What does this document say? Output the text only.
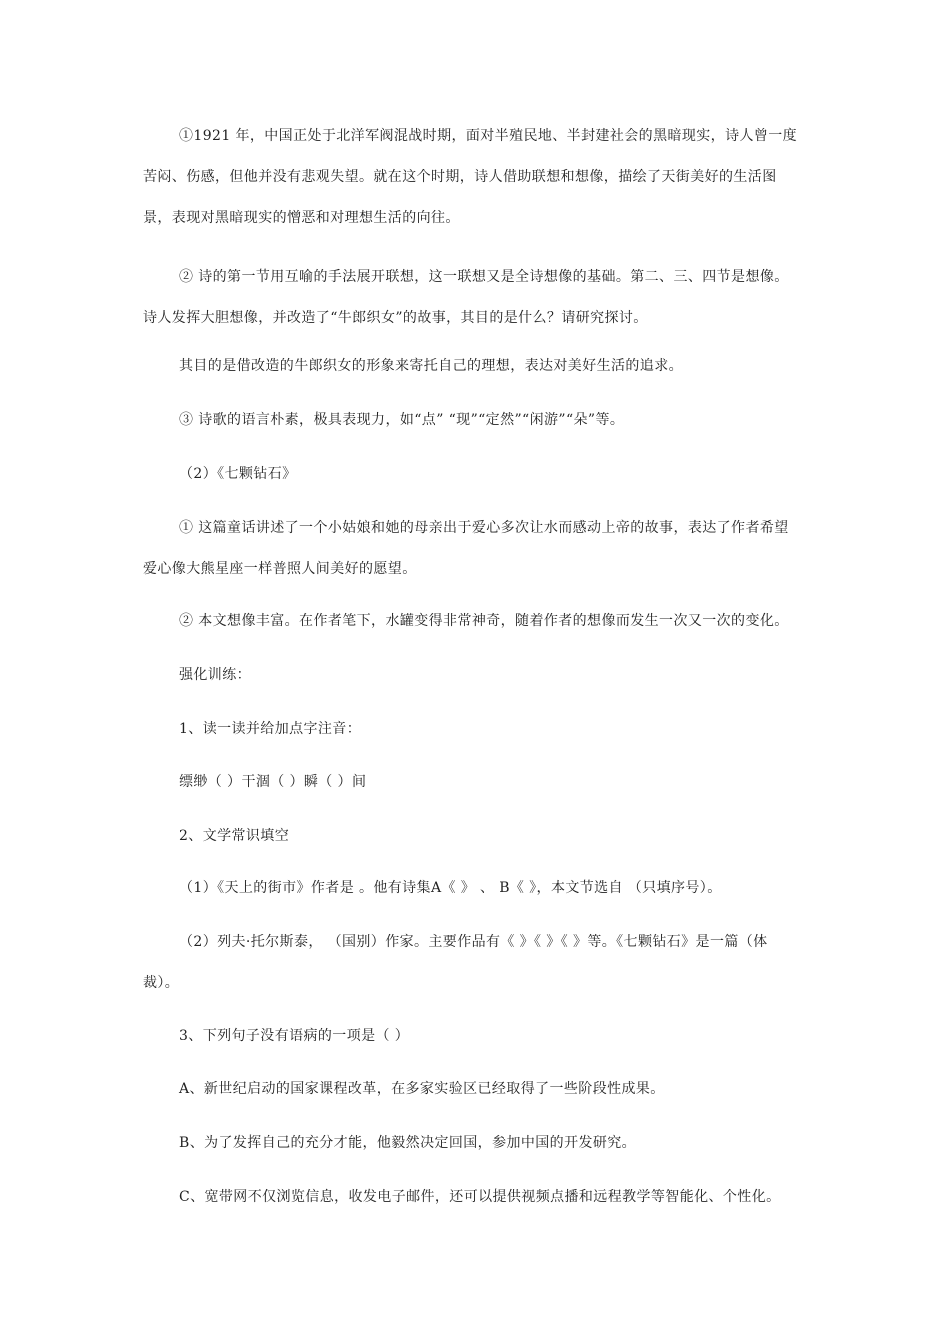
①1921 年，中国正处于北洋军阀混战时期，面对半殖民地、半封建社会的黑暗现实，诗人曾一度苦闷、伤感，但他并没有悲观失望。就在这个时期，诗人借助联想和想像，描绘了天街美好的生活图景，表现对黑暗现实的憎恶和对理想生活的向往。

② 诗的第一节用互喻的手法展开联想，这一联想又是全诗想像的基础。第二、三、四节是想像。诗人发挥大胆想像，并改造了“牛郎织女”的故事，其目的是什么？请研究探讨。

其目的是借改造的牛郎织女的形象来寄托自己的理想，表达对美好生活的追求。

③ 诗歌的语言朴素，极具表现力，如“点” “现”“定然”“闲游”“朵”等。

（2）《七颗钻石》

① 这篇童话讲述了一个小姑娘和她的母亲出于爱心多次让水而感动上帝的故事，表达了作者希望爱心像大熊星座一样普照人间美好的愿望。

② 本文想像丰富。在作者笔下，水罐变得非常神奇，随着作者的想像而发生一次又一次的变化。

强化训练：

1、读一读并给加点字注音：

缥缈（ ）干涸（ ）瞬（ ）间

2、文学常识填空

（1）《天上的街市》作者是 。他有诗集A《 》 、 B《 》，本文节选自 （只填序号）。

（2）列夫·托尔斯泰， （国别）作家。主要作品有《 》《 》《 》等。《七颗钻石》是一篇（体裁）。

3、下列句子没有语病的一项是（ ）

A、新世纪启动的国家课程改革，在多家实验区已经取得了一些阶段性成果。

B、为了发挥自己的充分才能，他毅然决定回国，参加中国的开发研究。

C、宽带网不仅浏览信息，收发电子邮件，还可以提供视频点播和远程教学等智能化、个性化。
